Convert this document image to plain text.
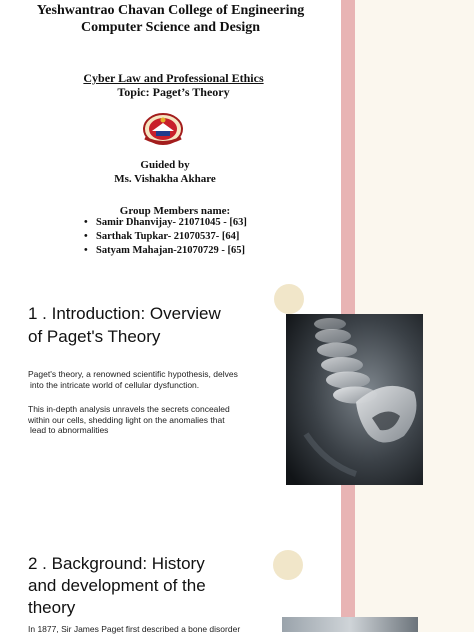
Yeshwantrao Chavan College of Engineering
Computer Science and Design
Cyber Law and Professional Ethics
Topic: Paget’s Theory
Guided by
Ms. Vishakha Akhare
Group Members name:
• Samir Dhanvijay- 21071045 - [63]
• Sarthak Tupkar- 21070537- [64]
• Satyam Mahajan-21070729 - [65]
1 . Introduction: Overview
of Paget's Theory
Paget's theory, a renowned scientific hypothesis, delves
into the intricate world of cellular dysfunction.
This in-depth analysis unravels the secrets concealed
within our cells, shedding light on the anomalies that
lead to abnormalities
2 . Background: History
and development of the
theory
In 1877, Sir James Paget first described a bone disorder
